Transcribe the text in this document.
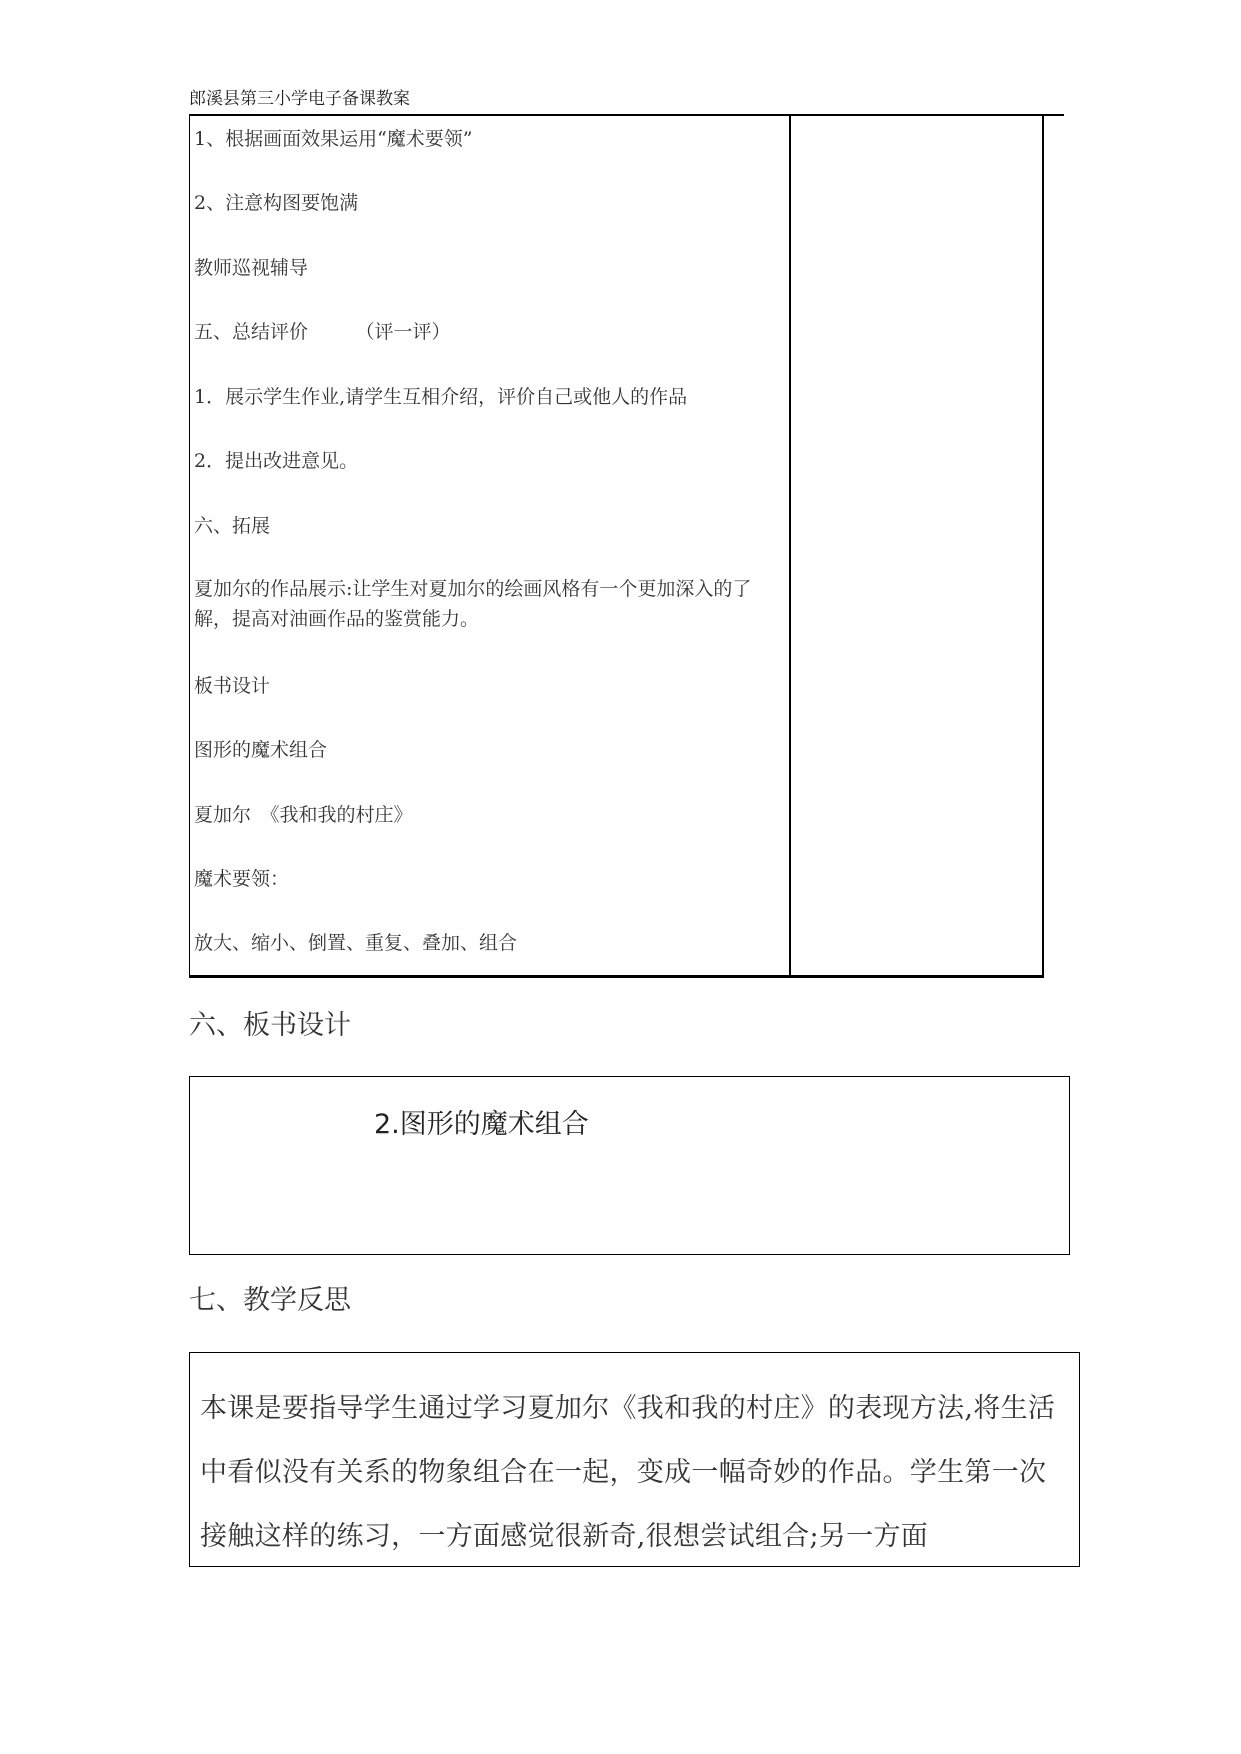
郎溪县第三小学电子备课教案
1、根据画面效果运用“魔术要领”
2、注意构图要饱满
教师巡视辅导
五、总结评价　　　（评一评）
1．展示学生作业,请学生互相介绍，评价自己或他人的作品
2．提出改进意见。
六、拓展
夏加尔的作品展示:让学生对夏加尔的绘画风格有一个更加深入的了解，提高对油画作品的鉴赏能力。
板书设计
图形的魔术组合
夏加尔　《我和我的村庄》
魔术要领：
放大、缩小、倒置、重复、叠加、组合
六、板书设计
2.图形的魔术组合
七、教学反思
本课是要指导学生通过学习夏加尔《我和我的村庄》的表现方法,将生活中看似没有关系的物象组合在一起，变成一幅奇妙的作品。学生第一次接触这样的练习，一方面感觉很新奇,很想尝试组合;另一方面
